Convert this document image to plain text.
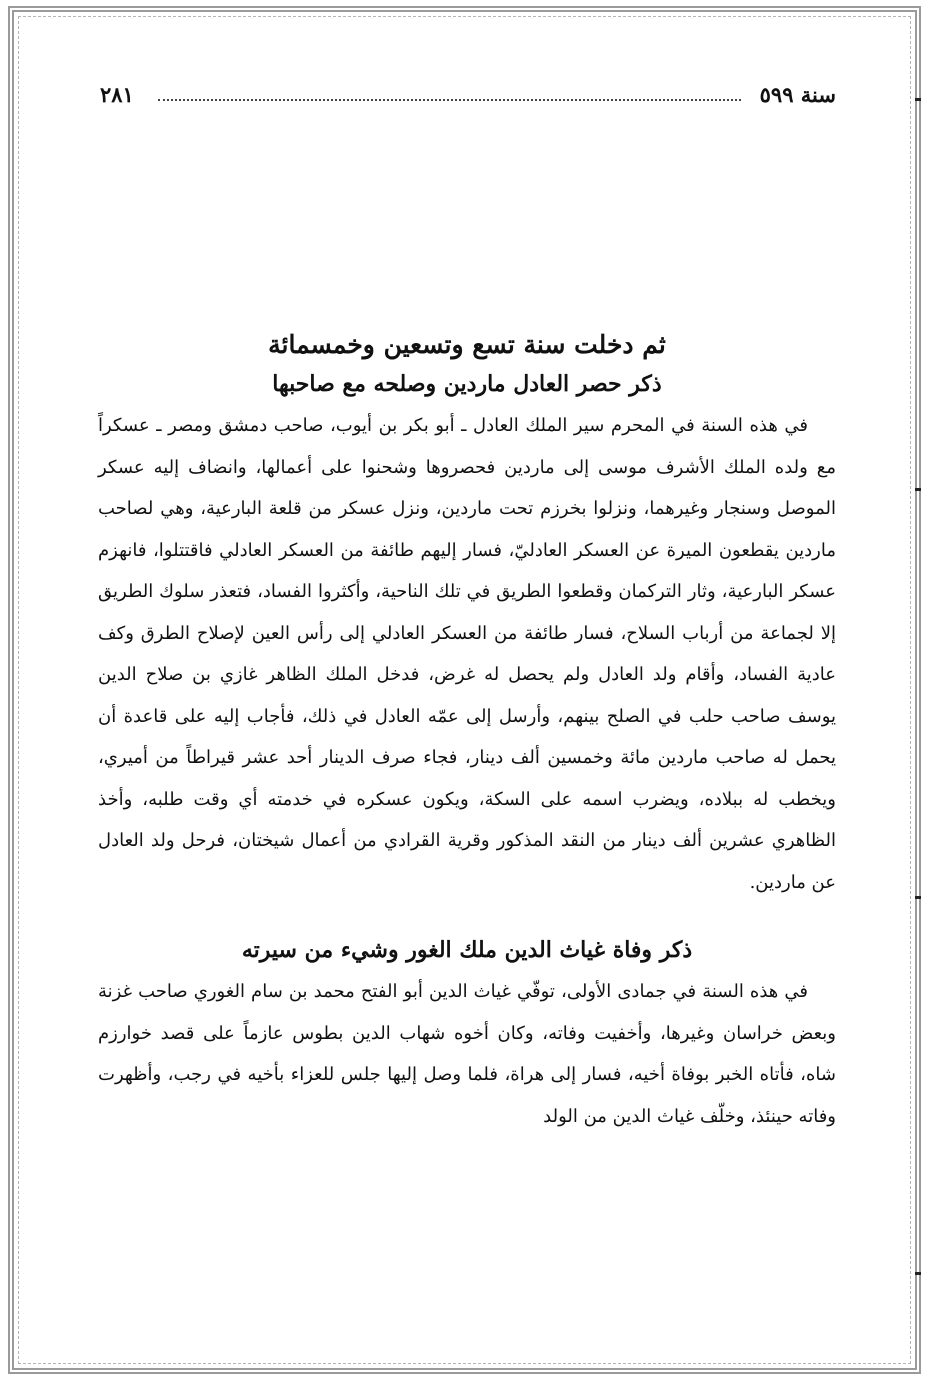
سنة ٥٩٩
٢٨١
ثم دخلت سنة تسع وتسعين وخمسمائة
ذكر حصر العادل ماردين وصلحه مع صاحبها

في هذه السنة في المحرم سير الملك العادل ـ أبو بكر بن أيوب، صاحب دمشق ومصر ـ عسكراً مع ولده الملك الأشرف موسى إلى ماردين فحصروها وشحنوا على أعمالها، وانضاف إليه عسكر الموصل وسنجار وغيرهما، ونزلوا بخرزم تحت ماردين، ونزل عسكر من قلعة البارعية، وهي لصاحب ماردين يقطعون الميرة عن العسكر العادليّ، فسار إليهم طائفة من العسكر العادلي فاقتتلوا، فانهزم عسكر البارعية، وثار التركمان وقطعوا الطريق في تلك الناحية، وأكثروا الفساد، فتعذر سلوك الطريق إلا لجماعة من أرباب السلاح، فسار طائفة من العسكر العادلي إلى رأس العين لإصلاح الطرق وكف عادية الفساد، وأقام ولد العادل ولم يحصل له غرض، فدخل الملك الظاهر غازي بن صلاح الدين يوسف صاحب حلب في الصلح بينهم، وأرسل إلى عمّه العادل في ذلك، فأجاب إليه على قاعدة أن يحمل له صاحب ماردين مائة وخمسين ألف دينار، فجاء صرف الدينار أحد عشر قيراطاً من أميري، ويخطب له ببلاده، ويضرب اسمه على السكة، ويكون عسكره في خدمته أي وقت طلبه، وأخذ الظاهري عشرين ألف دينار من النقد المذكور وقرية القرادي من أعمال شيختان، فرحل ولد العادل عن ماردين.

ذكر وفاة غياث الدين ملك الغور وشيء من سيرته

في هذه السنة في جمادى الأولى، توفّي غياث الدين أبو الفتح محمد بن سام الغوري صاحب غزنة وبعض خراسان وغيرها، وأخفيت وفاته، وكان أخوه شهاب الدين بطوس عازماً على قصد خوارزم شاه، فأتاه الخبر بوفاة أخيه، فسار إلى هراة، فلما وصل إليها جلس للعزاء بأخيه في رجب، وأظهرت وفاته حينئذ، وخلّف غياث الدين من الولد
